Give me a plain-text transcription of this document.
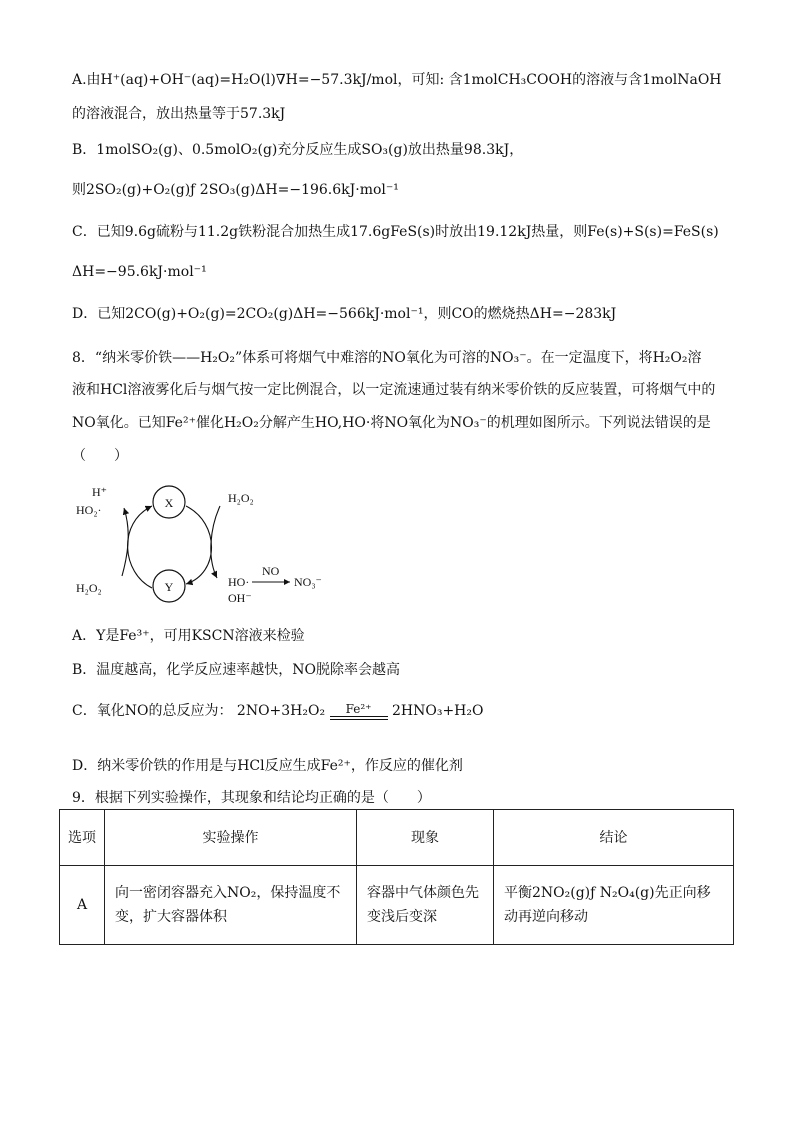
A.由H⁺(aq)+OH⁻(aq)=H₂O(l)∇H=−57.3kJ/mol，可知: 含1molCH₃COOH的溶液与含1molNaOH
的溶液混合，放出热量等于57.3kJ
B．1molSO₂(g)、0.5molO₂(g)充分反应生成SO₃(g)放出热量98.3kJ，
则2SO₂(g)+O₂(g)ƒ 2SO₃(g)ΔH=−196.6kJ·mol⁻¹
C．已知9.6g硫粉与11.2g铁粉混合加热生成17.6gFeS(s)时放出19.12kJ热量，则Fe(s)+S(s)=FeS(s)
ΔH=−95.6kJ·mol⁻¹
D．已知2CO(g)+O₂(g)=2CO₂(g)ΔH=−566kJ·mol⁻¹，则CO的燃烧热ΔH=−283kJ
8．“纳米零价铁——H₂O₂”体系可将烟气中难溶的NO氧化为可溶的NO₃⁻。在一定温度下，将H₂O₂溶
液和HCl溶液雾化后与烟气按一定比例混合，以一定流速通过装有纳米零价铁的反应装置，可将烟气中的
NO氧化。已知Fe²⁺催化H₂O₂分解产生HO,HO·将NO氧化为NO₃⁻的机理如图所示。下列说法错误的是
（　　）
X
Y
H⁺
HO₂·
H₂O₂
H₂O₂	HO·
OH⁻
NO
NO₃⁻
A．Y是Fe³⁺，可用KSCN溶液来检验
B．温度越高，化学反应速率越快，NO脱除率会越高
C．氧化NO的总反应为： 2NO+3H₂O₂	Fe²⁺	2HNO₃+H₂O
D．纳米零价铁的作用是与HCl反应生成Fe²⁺，作反应的催化剂
9．根据下列实验操作，其现象和结论均正确的是（　　）
选项	实验操作	现象	结论
A	向一密闭容器充入NO₂，保持温度不变，扩大容器体积	容器中气体颜色先变浅后变深	平衡2NO₂(g)ƒ N₂O₄(g)先正向移动再逆向移动
